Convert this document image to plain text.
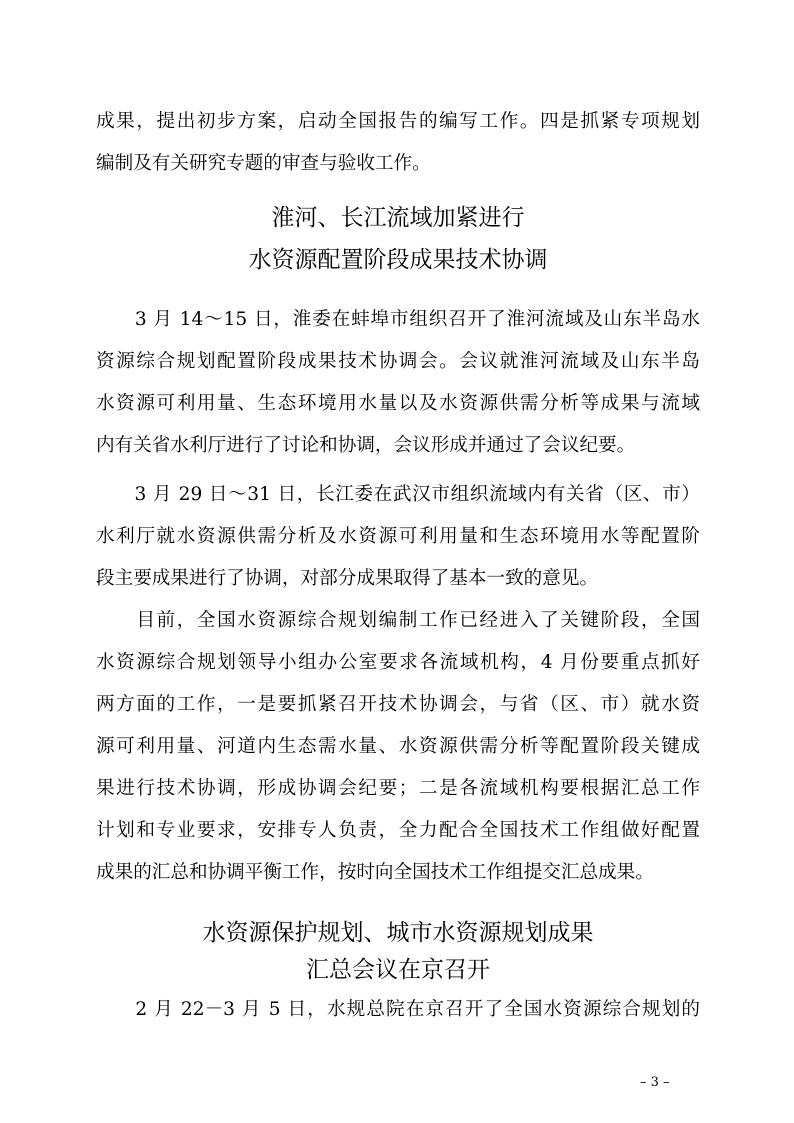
成果，提出初步方案，启动全国报告的编写工作。四是抓紧专项规划
编制及有关研究专题的审查与验收工作。
淮河、长江流域加紧进行
水资源配置阶段成果技术协调
　　3 月 14～15 日，淮委在蚌埠市组织召开了淮河流域及山东半岛水
资源综合规划配置阶段成果技术协调会。会议就淮河流域及山东半岛
水资源可利用量、生态环境用水量以及水资源供需分析等成果与流域
内有关省水利厅进行了讨论和协调，会议形成并通过了会议纪要。
　　3 月 29 日～31 日，长江委在武汉市组织流域内有关省（区、市）
水利厅就水资源供需分析及水资源可利用量和生态环境用水等配置阶
段主要成果进行了协调，对部分成果取得了基本一致的意见。
　　目前，全国水资源综合规划编制工作已经进入了关键阶段，全国
水资源综合规划领导小组办公室要求各流域机构，4 月份要重点抓好
两方面的工作，一是要抓紧召开技术协调会，与省（区、市）就水资
源可利用量、河道内生态需水量、水资源供需分析等配置阶段关键成
果进行技术协调，形成协调会纪要；二是各流域机构要根据汇总工作
计划和专业要求，安排专人负责，全力配合全国技术工作组做好配置
成果的汇总和协调平衡工作，按时向全国技术工作组提交汇总成果。
水资源保护规划、城市水资源规划成果
汇总会议在京召开
　　2 月 22－3 月 5 日，水规总院在京召开了全国水资源综合规划的
– 3 –
